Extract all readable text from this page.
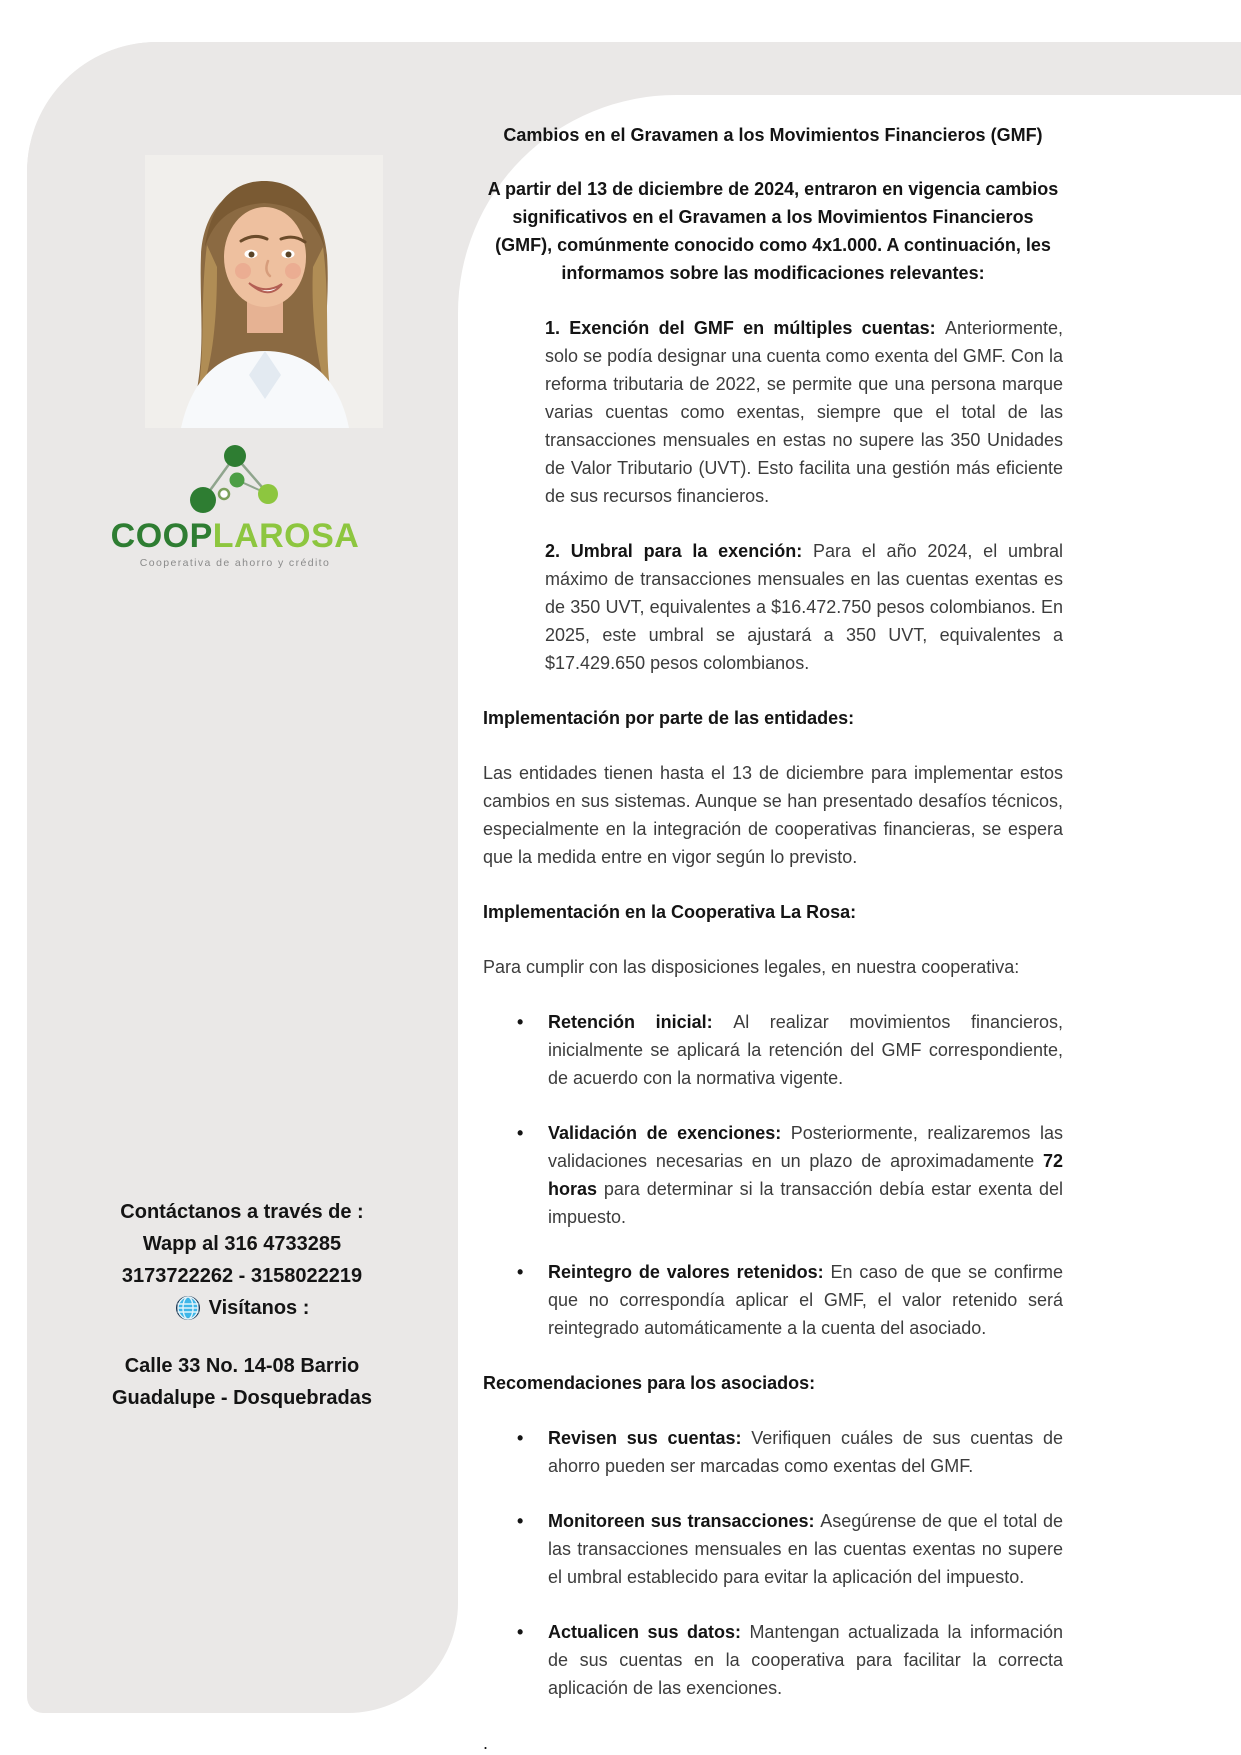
Cambios en el Gravamen a los Movimientos Financieros (GMF)

A partir del 13 de diciembre de 2024, entraron en vigencia cambios significativos en el Gravamen a los Movimientos Financieros (GMF), comúnmente conocido como 4x1.000. A continuación, les informamos sobre las modificaciones relevantes:

1. Exención del GMF en múltiples cuentas: Anteriormente, solo se podía designar una cuenta como exenta del GMF. Con la reforma tributaria de 2022, se permite que una persona marque varias cuentas como exentas, siempre que el total de las transacciones mensuales en estas no supere las 350 Unidades de Valor Tributario (UVT). Esto facilita una gestión más eficiente de sus recursos financieros.

2. Umbral para la exención: Para el año 2024, el umbral máximo de transacciones mensuales en las cuentas exentas es de 350 UVT, equivalentes a $16.472.750 pesos colombianos. En 2025, este umbral se ajustará a 350 UVT, equivalentes a $17.429.650 pesos colombianos.

Implementación por parte de las entidades:

Las entidades tienen hasta el 13 de diciembre para implementar estos cambios en sus sistemas. Aunque se han presentado desafíos técnicos, especialmente en la integración de cooperativas financieras, se espera que la medida entre en vigor según lo previsto.

Implementación en la Cooperativa La Rosa:

Para cumplir con las disposiciones legales, en nuestra cooperativa:

• Retención inicial: Al realizar movimientos financieros, inicialmente se aplicará la retención del GMF correspondiente, de acuerdo con la normativa vigente.
• Validación de exenciones: Posteriormente, realizaremos las validaciones necesarias en un plazo de aproximadamente 72 horas para determinar si la transacción debía estar exenta del impuesto.
• Reintegro de valores retenidos: En caso de que se confirme que no correspondía aplicar el GMF, el valor retenido será reintegrado automáticamente a la cuenta del asociado.
Recomendaciones para los asociados:
• Revisen sus cuentas: Verifiquen cuáles de sus cuentas de ahorro pueden ser marcadas como exentas del GMF.
• Monitoreen sus transacciones: Asegúrense de que el total de las transacciones mensuales en las cuentas exentas no supere el umbral establecido para evitar la aplicación del impuesto.
• Actualicen sus datos: Mantengan actualizada la información de sus cuentas en la cooperativa para facilitar la correcta aplicación de las exenciones.

.

COOPLAROSA
Cooperativa de ahorro y crédito
Contáctanos a través de :
Wapp al 316 4733285
3173722262 - 3158022219
Visítanos :
Calle 33 No. 14-08 Barrio
Guadalupe - Dosquebradas
